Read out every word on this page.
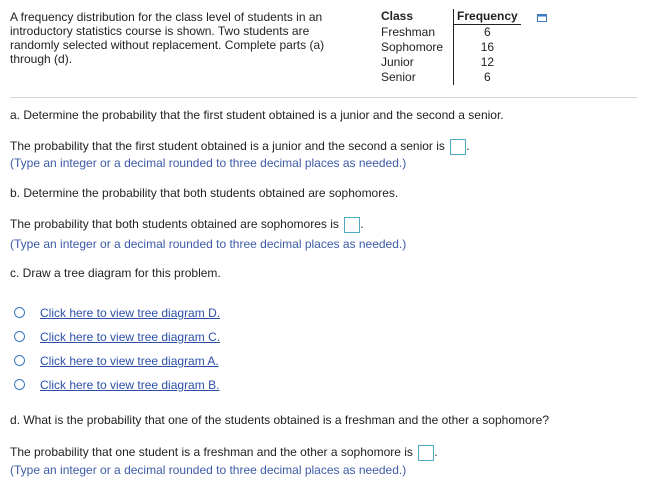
A frequency distribution for the class level of students in an
introductory statistics course is shown. Two students are
randomly selected without replacement. Complete parts (a)
through (d).
Class	Frequency
Freshman	6
Sophomore	16
Junior	12
Senior	6
a. Determine the probability that the first student obtained is a junior and the second a senior.
The probability that the first student obtained is a junior and the second a senior is .
(Type an integer or a decimal rounded to three decimal places as needed.)
b. Determine the probability that both students obtained are sophomores.
The probability that both students obtained are sophomores is .
(Type an integer or a decimal rounded to three decimal places as needed.)
c. Draw a tree diagram for this problem.
Click here to view tree diagram D.
Click here to view tree diagram C.
Click here to view tree diagram A.
Click here to view tree diagram B.
d. What is the probability that one of the students obtained is a freshman and the other a sophomore?
The probability that one student is a freshman and the other a sophomore is .
(Type an integer or a decimal rounded to three decimal places as needed.)
